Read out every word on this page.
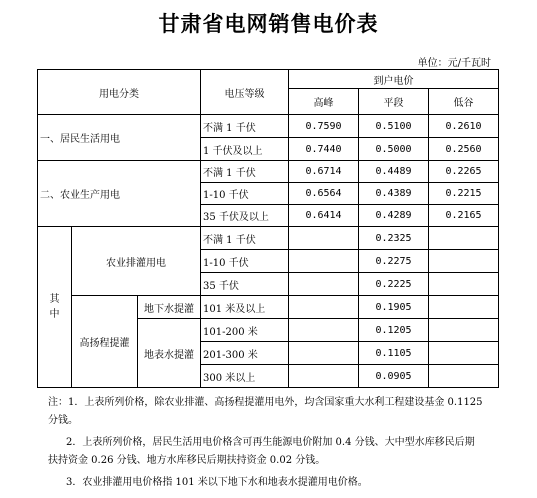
甘肃省电网销售电价表
单位：元/千瓦时
用电分类			电压等级	到户电价		
				高峰	平段	低谷
一、居民生活用电			不满 1 千伏	0.7590	0.5100	0.2610
			1 千伏及以上	0.7440	0.5000	0.2560
二、农业生产用电			不满 1 千伏	0.6714	0.4489	0.2265
			1-10 千伏	0.6564	0.4389	0.2215
			35 千伏及以上	0.6414	0.4289	0.2165
其
中	农业排灌用电		不满 1 千伏		0.2325	
			1-10 千伏		0.2275	
			35 千伏		0.2225	
	高扬程提灌	地下水提灌	101 米及以上		0.1905	
		地表水提灌	101-200 米		0.1205	
			201-300 米		0.1105	
			300 米以上		0.0905	
注：1．上表所列价格，除农业排灌、高扬程提灌用电外，均含国家重大水利工程建设基金 0.1125
分钱。
2．上表所列价格，居民生活用电价格含可再生能源电价附加 0.4 分钱、大中型水库移民后期
扶持资金 0.26 分钱、地方水库移民后期扶持资金 0.02 分钱。
3．农业排灌用电价格指 101 米以下地下水和地表水提灌用电价格。
